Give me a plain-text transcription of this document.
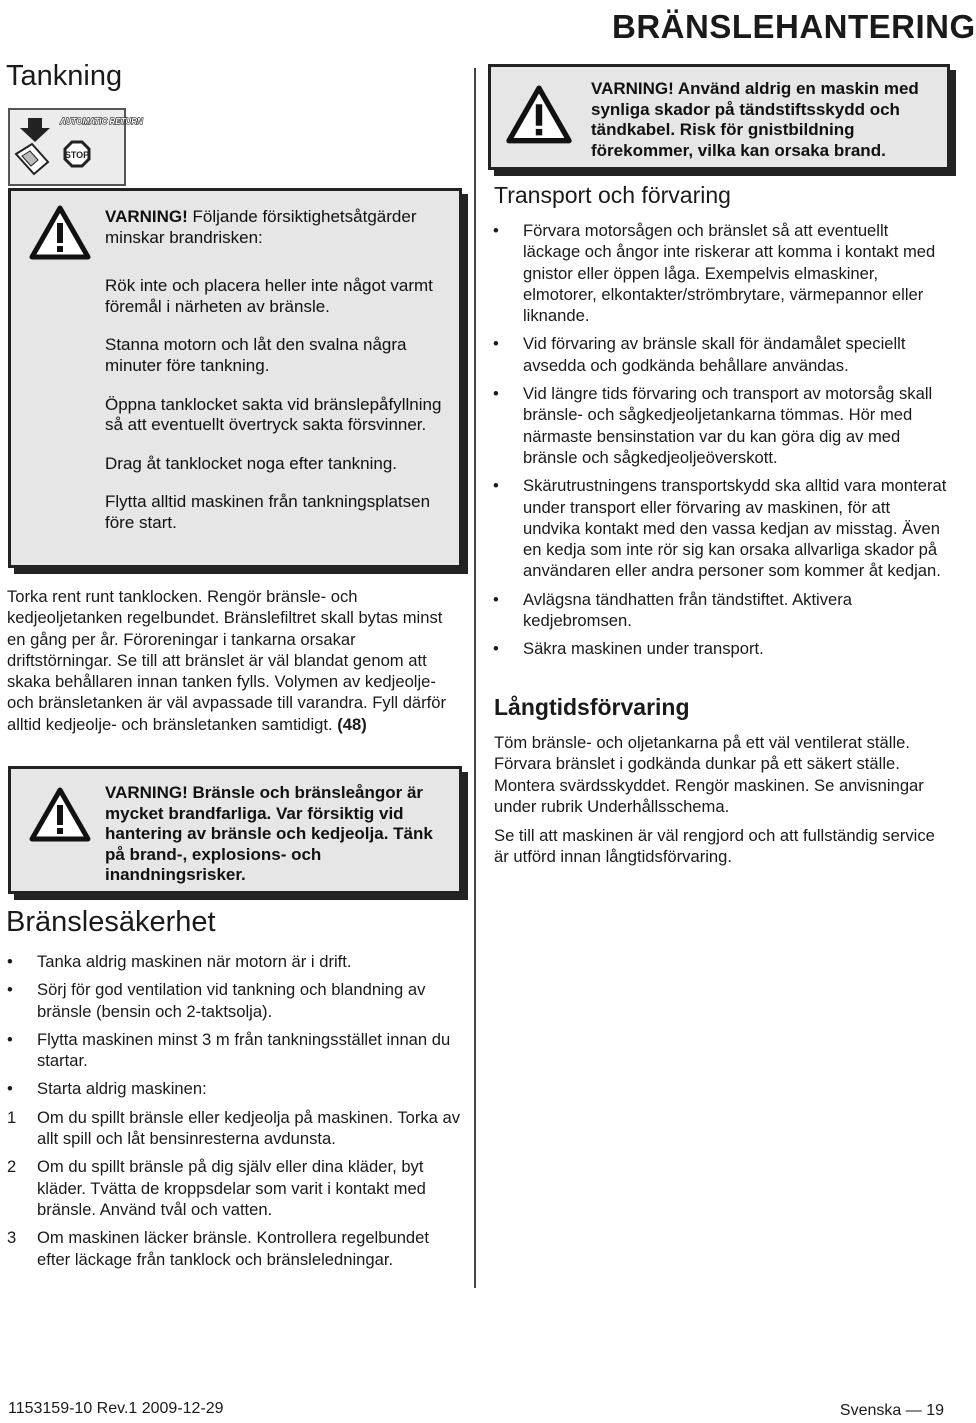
BRÄNSLEHANTERING
Tankning
STOP
AUTOMATIC RETURN

VARNING! Följande försiktighetsåtgärder minskar brandrisken:

Rök inte och placera heller inte något varmt föremål i närheten av bränsle.

Stanna motorn och låt den svalna några minuter före tankning.

Öppna tanklocket sakta vid bränslepåfyllning så att eventuellt övertryck sakta försvinner.

Drag åt tanklocket noga efter tankning.

Flytta alltid maskinen från tankningsplatsen före start.

Torka rent runt tanklocken. Rengör bränsle- och kedjeoljetanken regelbundet. Bränslefiltret skall bytas minst en gång per år. Föroreningar i tankarna orsakar driftstörningar. Se till att bränslet är väl blandat genom att skaka behållaren innan tanken fylls. Volymen av kedjeolje- och bränsletanken är väl avpassade till varandra. Fyll därför alltid kedjeolje- och bränsletanken samtidigt. (48)
VARNING! Bränsle och bränsleångor är mycket brandfarliga. Var försiktig vid hantering av bränsle och kedjeolja. Tänk på brand-, explosions- och inandningsrisker.
Bränslesäkerhet
•	Tanka aldrig maskinen när motorn är i drift.
•	Sörj för god ventilation vid tankning och blandning av bränsle (bensin och 2-taktsolja).
•	Flytta maskinen minst 3 m från tankningsstället innan du startar.
•	Starta aldrig maskinen:
1	Om du spillt bränsle eller kedjeolja på maskinen. Torka av allt spill och låt bensinresterna avdunsta.
2	Om du spillt bränsle på dig själv eller dina kläder, byt kläder. Tvätta de kroppsdelar som varit i kontakt med bränsle. Använd tvål och vatten.
3	Om maskinen läcker bränsle. Kontrollera regelbundet efter läckage från tanklock och bränsleledningar.
VARNING! Använd aldrig en maskin med synliga skador på tändstiftsskydd och tändkabel. Risk för gnistbildning förekommer, vilka kan orsaka brand.
Transport och förvaring
•	Förvara motorsågen och bränslet så att eventuellt läckage och ångor inte riskerar att komma i kontakt med gnistor eller öppen låga. Exempelvis elmaskiner, elmotorer, elkontakter/strömbrytare, värmepannor eller liknande.
•	Vid förvaring av bränsle skall för ändamålet speciellt avsedda och godkända behållare användas.
•	Vid längre tids förvaring och transport av motorsåg skall bränsle- och sågkedjeoljetankarna tömmas. Hör med närmaste bensinstation var du kan göra dig av med bränsle och sågkedjeoljeöverskott.
•	Skärutrustningens transportskydd ska alltid vara monterat under transport eller förvaring av maskinen, för att undvika kontakt med den vassa kedjan av misstag. Även en kedja som inte rör sig kan orsaka allvarliga skador på användaren eller andra personer som kommer åt kedjan.
•	Avlägsna tändhatten från tändstiftet. Aktivera kedjebromsen.
•	Säkra maskinen under transport.
Långtidsförvaring

Töm bränsle- och oljetankarna på ett väl ventilerat ställe. Förvara bränslet i godkända dunkar på ett säkert ställe. Montera svärdsskyddet. Rengör maskinen. Se anvisningar under rubrik Underhållsschema.

Se till att maskinen är väl rengjord och att fullständig service är utförd innan långtidsförvaring.

1153159-10 Rev.1 2009-12-29	Svenska — 19
